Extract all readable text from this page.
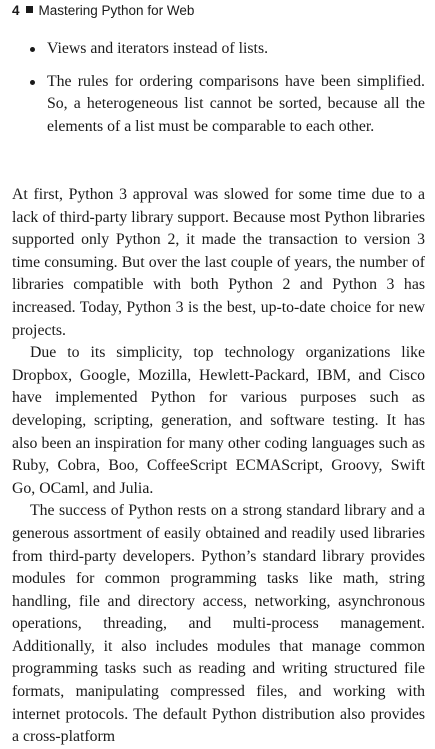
4 Mastering Python for Web
Views and iterators instead of lists.
The rules for ordering comparisons have been simplified. So, a heterogeneous list cannot be sorted, because all the elements of a list must be comparable to each other.

At first, Python 3 approval was slowed for some time due to a lack of third-party library support. Because most Python libraries supported only Python 2, it made the transaction to version 3 time consuming. But over the last couple of years, the number of libraries compatible with both Python 2 and Python 3 has increased. Today, Python 3 is the best, up-to-date choice for new projects.

Due to its simplicity, top technology organizations like Dropbox, Google, Mozilla, Hewlett-Packard, IBM, and Cisco have implemented Python for various purposes such as developing, scripting, generation, and software testing. It has also been an inspiration for many other coding languages such as Ruby, Cobra, Boo, CoffeeScript ECMAScript, Groovy, Swift Go, OCaml, and Julia.

The success of Python rests on a strong standard library and a generous assortment of easily obtained and readily used libraries from third-party developers. Python’s standard library provides modules for common programming tasks like math, string handling, file and directory access, networking, asynchronous operations, threading, and multi-process management. Additionally, it also includes modules that manage common programming tasks such as reading and writing structured file formats, manipulating compressed files, and working with internet protocols. The default Python distribution also provides a cross-platform
